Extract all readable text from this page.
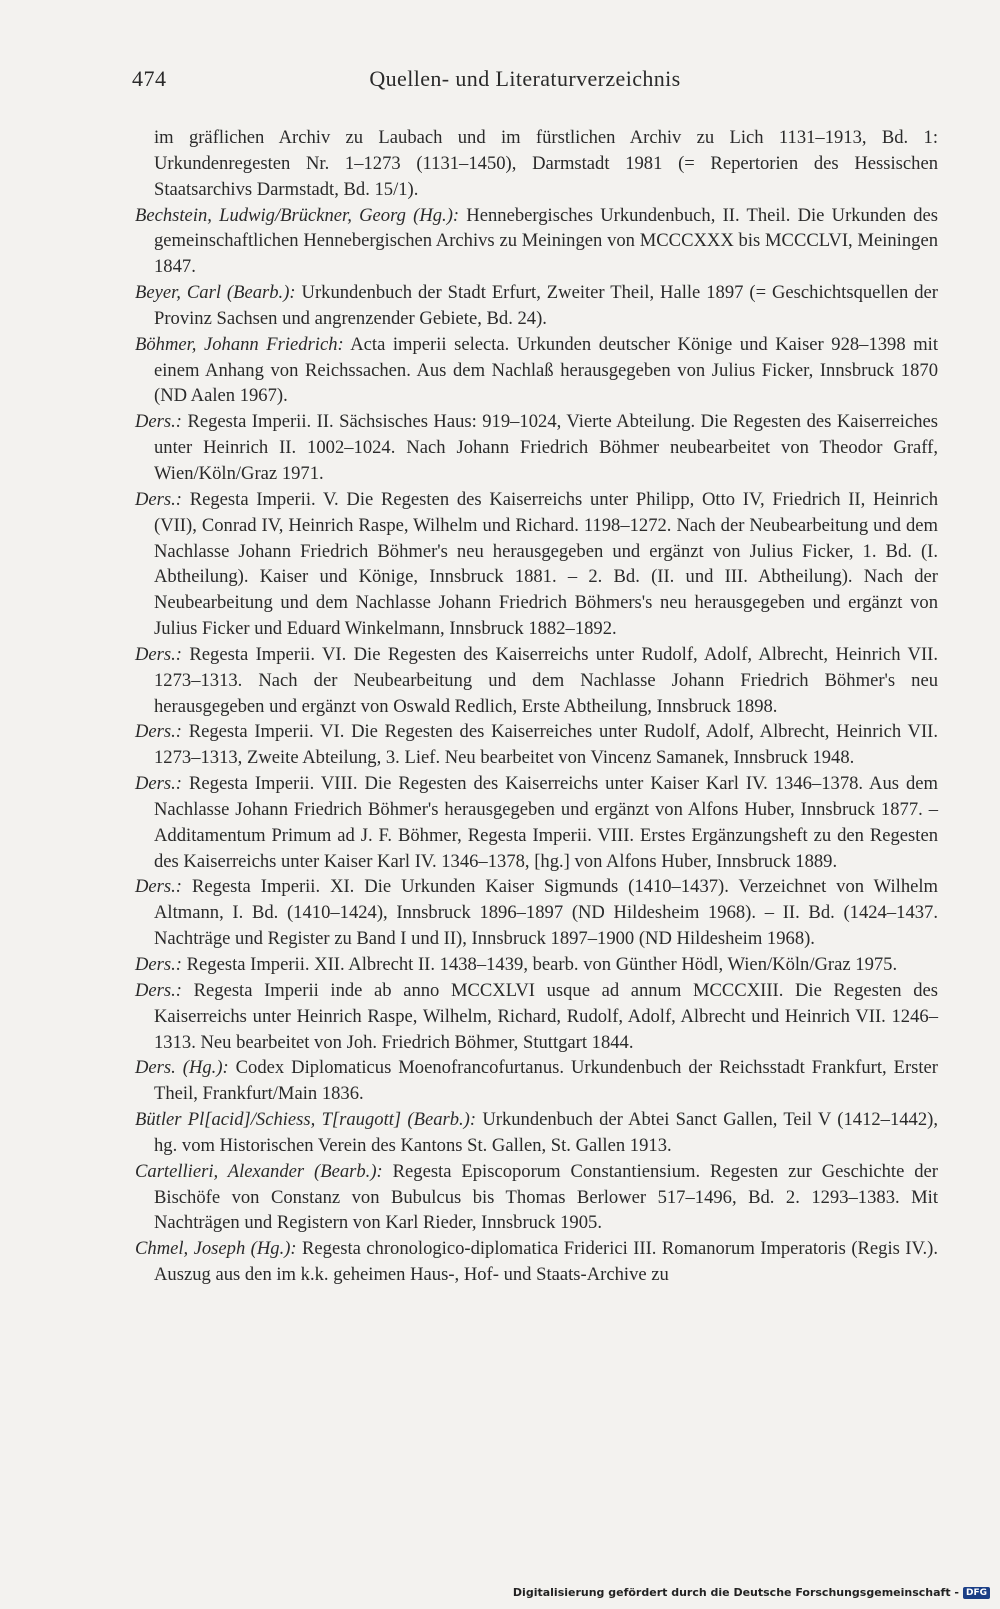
474	Quellen- und Literaturverzeichnis

im gräflichen Archiv zu Laubach und im fürstlichen Archiv zu Lich 1131–1913, Bd. 1: Urkundenregesten Nr. 1–1273 (1131–1450), Darmstadt 1981 (= Repertorien des Hessischen Staatsarchivs Darmstadt, Bd. 15/1).

Bechstein, Ludwig/Brückner, Georg (Hg.): Hennebergisches Urkundenbuch, II. Theil. Die Urkunden des gemeinschaftlichen Hennebergischen Archivs zu Meiningen von MCCCXXX bis MCCCLVI, Meiningen 1847.

Beyer, Carl (Bearb.): Urkundenbuch der Stadt Erfurt, Zweiter Theil, Halle 1897 (= Geschichtsquellen der Provinz Sachsen und angrenzender Gebiete, Bd. 24).

Böhmer, Johann Friedrich: Acta imperii selecta. Urkunden deutscher Könige und Kaiser 928–1398 mit einem Anhang von Reichssachen. Aus dem Nachlaß herausgegeben von Julius Ficker, Innsbruck 1870 (ND Aalen 1967).

Ders.: Regesta Imperii. II. Sächsisches Haus: 919–1024, Vierte Abteilung. Die Regesten des Kaiserreiches unter Heinrich II. 1002–1024. Nach Johann Friedrich Böhmer neubearbeitet von Theodor Graff, Wien/Köln/Graz 1971.

Ders.: Regesta Imperii. V. Die Regesten des Kaiserreichs unter Philipp, Otto IV, Friedrich II, Heinrich (VII), Conrad IV, Heinrich Raspe, Wilhelm und Richard. 1198–1272. Nach der Neubearbeitung und dem Nachlasse Johann Friedrich Böhmer's neu herausgegeben und ergänzt von Julius Ficker, 1. Bd. (I. Abtheilung). Kaiser und Könige, Innsbruck 1881. – 2. Bd. (II. und III. Abtheilung). Nach der Neubearbeitung und dem Nachlasse Johann Friedrich Böhmers's neu herausgegeben und ergänzt von Julius Ficker und Eduard Winkelmann, Innsbruck 1882–1892.

Ders.: Regesta Imperii. VI. Die Regesten des Kaiserreichs unter Rudolf, Adolf, Albrecht, Heinrich VII. 1273–1313. Nach der Neubearbeitung und dem Nachlasse Johann Friedrich Böhmer's neu herausgegeben und ergänzt von Oswald Redlich, Erste Abtheilung, Innsbruck 1898.

Ders.: Regesta Imperii. VI. Die Regesten des Kaiserreiches unter Rudolf, Adolf, Albrecht, Heinrich VII. 1273–1313, Zweite Abteilung, 3. Lief. Neu bearbeitet von Vincenz Samanek, Innsbruck 1948.

Ders.: Regesta Imperii. VIII. Die Regesten des Kaiserreichs unter Kaiser Karl IV. 1346–1378. Aus dem Nachlasse Johann Friedrich Böhmer's herausgegeben und ergänzt von Alfons Huber, Innsbruck 1877. – Additamentum Primum ad J. F. Böhmer, Regesta Imperii. VIII. Erstes Ergänzungsheft zu den Regesten des Kaiserreichs unter Kaiser Karl IV. 1346–1378, [hg.] von Alfons Huber, Innsbruck 1889.

Ders.: Regesta Imperii. XI. Die Urkunden Kaiser Sigmunds (1410–1437). Verzeichnet von Wilhelm Altmann, I. Bd. (1410–1424), Innsbruck 1896–1897 (ND Hildesheim 1968). – II. Bd. (1424–1437. Nachträge und Register zu Band I und II), Innsbruck 1897–1900 (ND Hildesheim 1968).

Ders.: Regesta Imperii. XII. Albrecht II. 1438–1439, bearb. von Günther Hödl, Wien/Köln/Graz 1975.

Ders.: Regesta Imperii inde ab anno MCCXLVI usque ad annum MCCCXIII. Die Regesten des Kaiserreichs unter Heinrich Raspe, Wilhelm, Richard, Rudolf, Adolf, Albrecht und Heinrich VII. 1246–1313. Neu bearbeitet von Joh. Friedrich Böhmer, Stuttgart 1844.

Ders. (Hg.): Codex Diplomaticus Moenofrancofurtanus. Urkundenbuch der Reichsstadt Frankfurt, Erster Theil, Frankfurt/Main 1836.

Bütler Pl[acid]/Schiess, T[raugott] (Bearb.): Urkundenbuch der Abtei Sanct Gallen, Teil V (1412–1442), hg. vom Historischen Verein des Kantons St. Gallen, St. Gallen 1913.

Cartellieri, Alexander (Bearb.): Regesta Episcoporum Constantiensium. Regesten zur Geschichte der Bischöfe von Constanz von Bubulcus bis Thomas Berlower 517–1496, Bd. 2. 1293–1383. Mit Nachträgen und Registern von Karl Rieder, Innsbruck 1905.

Chmel, Joseph (Hg.): Regesta chronologico-diplomatica Friderici III. Romanorum Imperatoris (Regis IV.). Auszug aus den im k.k. geheimen Haus-, Hof- und Staats-Archive zu

Digitalisierung gefördert durch die Deutsche Forschungsgemeinschaft - DFG
